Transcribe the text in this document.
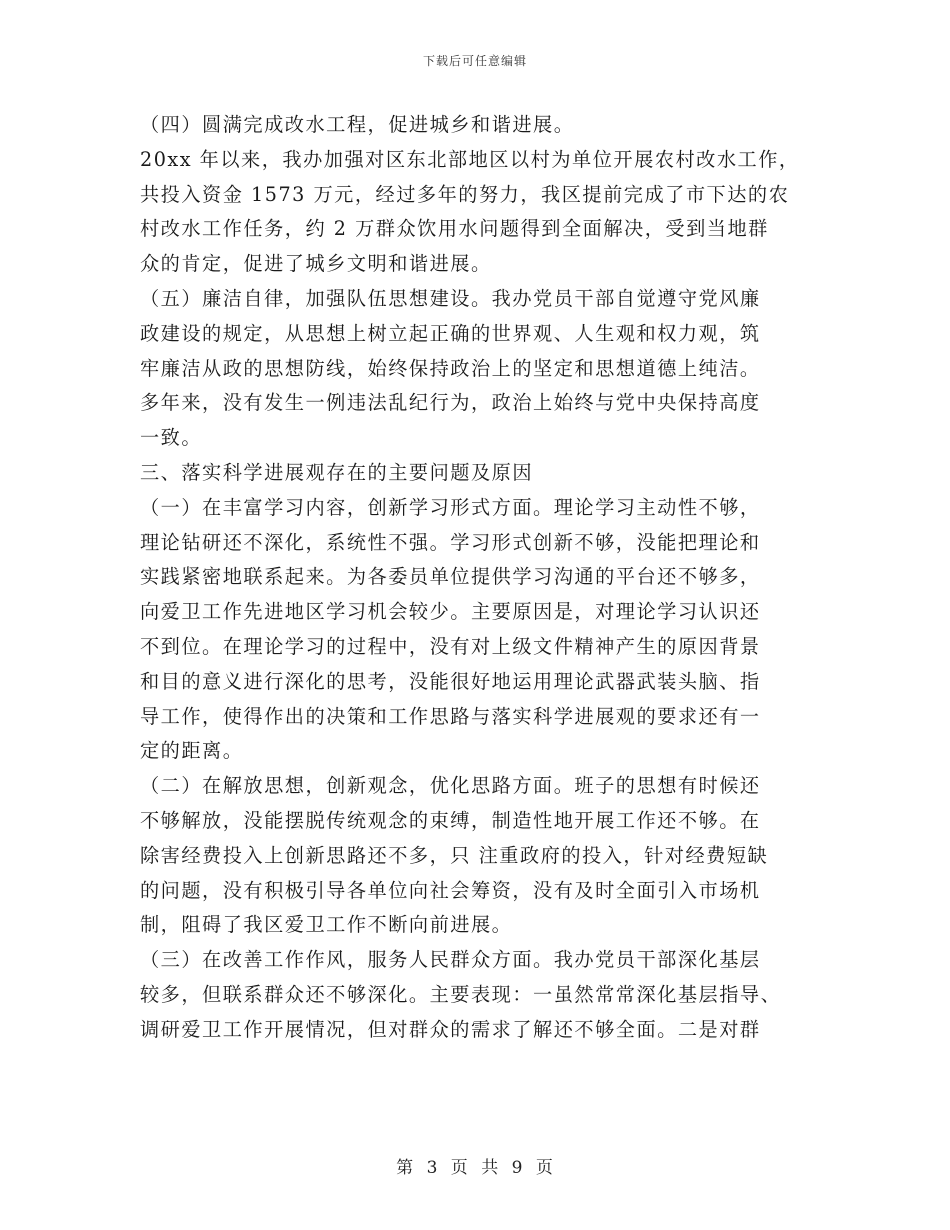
下载后可任意编辑
（四）圆满完成改水工程，促进城乡和谐进展。
20xx 年以来，我办加强对区东北部地区以村为单位开展农村改水工作，
共投入资金 1573 万元，经过多年的努力，我区提前完成了市下达的农
村改水工作任务，约 2 万群众饮用水问题得到全面解决，受到当地群
众的肯定，促进了城乡文明和谐进展。
（五）廉洁自律，加强队伍思想建设。我办党员干部自觉遵守党风廉
政建设的规定，从思想上树立起正确的世界观、人生观和权力观，筑
牢廉洁从政的思想防线，始终保持政治上的坚定和思想道德上纯洁。
多年来，没有发生一例违法乱纪行为，政治上始终与党中央保持高度
一致。
三、落实科学进展观存在的主要问题及原因
（一）在丰富学习内容，创新学习形式方面。理论学习主动性不够，
理论钻研还不深化，系统性不强。学习形式创新不够，没能把理论和
实践紧密地联系起来。为各委员单位提供学习沟通的平台还不够多，
向爱卫工作先进地区学习机会较少。主要原因是，对理论学习认识还
不到位。在理论学习的过程中，没有对上级文件精神产生的原因背景
和目的意义进行深化的思考，没能很好地运用理论武器武装头脑、指
导工作，使得作出的决策和工作思路与落实科学进展观的要求还有一
定的距离。
（二）在解放思想，创新观念，优化思路方面。班子的思想有时候还
不够解放，没能摆脱传统观念的束缚，制造性地开展工作还不够。在
除害经费投入上创新思路还不多，只 注重政府的投入，针对经费短缺
的问题，没有积极引导各单位向社会筹资，没有及时全面引入市场机
制，阻碍了我区爱卫工作不断向前进展。
（三）在改善工作作风，服务人民群众方面。我办党员干部深化基层
较多，但联系群众还不够深化。主要表现：一虽然常常深化基层指导、
调研爱卫工作开展情况，但对群众的需求了解还不够全面。二是对群
第 3 页 共 9 页
